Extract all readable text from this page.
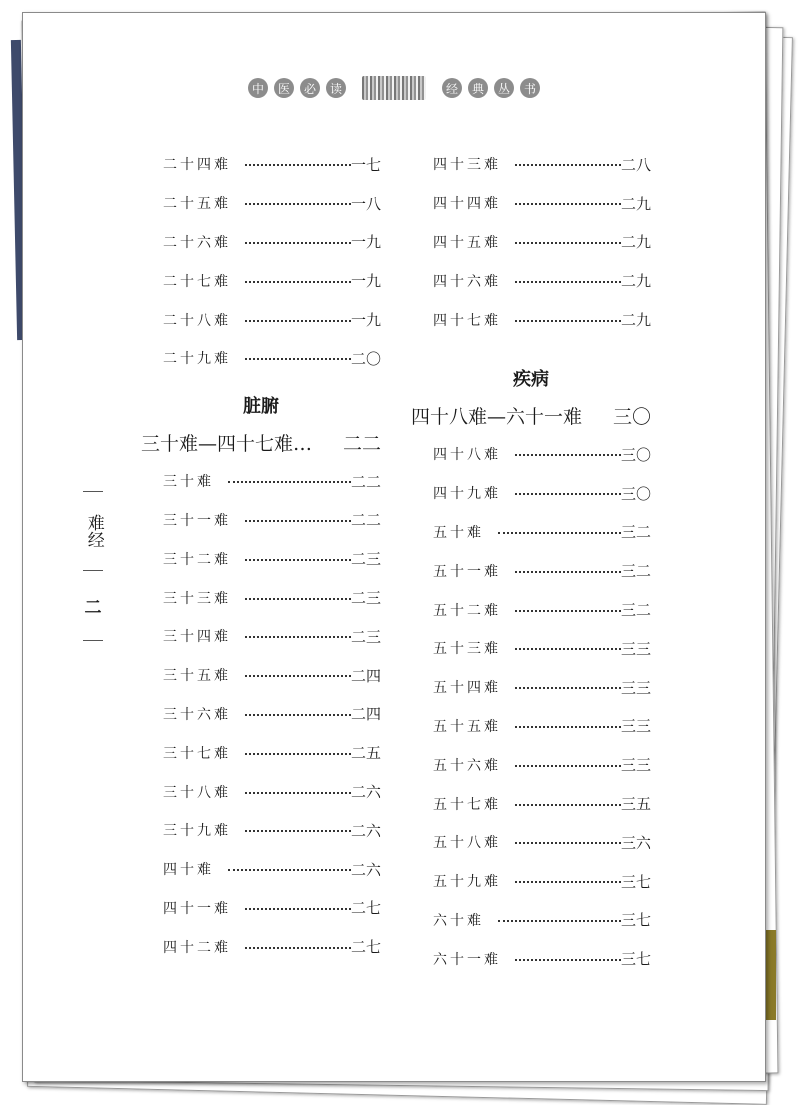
中	医	必	读	经	典	丛	书
难经
二
二十四难	一七
二十五难	一八
二十六难	一九
二十七难	一九
二十八难	一九
二十九难	二〇
脏腑
三十难—四十七难… 二二
三十难	二二
三十一难	二二
三十二难	二三
三十三难	二三
三十四难	二三
三十五难	二四
三十六难	二四
三十七难	二五
三十八难	二六
三十九难	二六
四十难	二六
四十一难	二七
四十二难	二七
四十三难	二八
四十四难	二九
四十五难	二九
四十六难	二九
四十七难	二九
疾病
四十八难—六十一难 三〇
四十八难	三〇
四十九难	三〇
五十难	三二
五十一难	三二
五十二难	三二
五十三难	三三
五十四难	三三
五十五难	三三
五十六难	三三
五十七难	三五
五十八难	三六
五十九难	三七
六十难	三七
六十一难	三七
